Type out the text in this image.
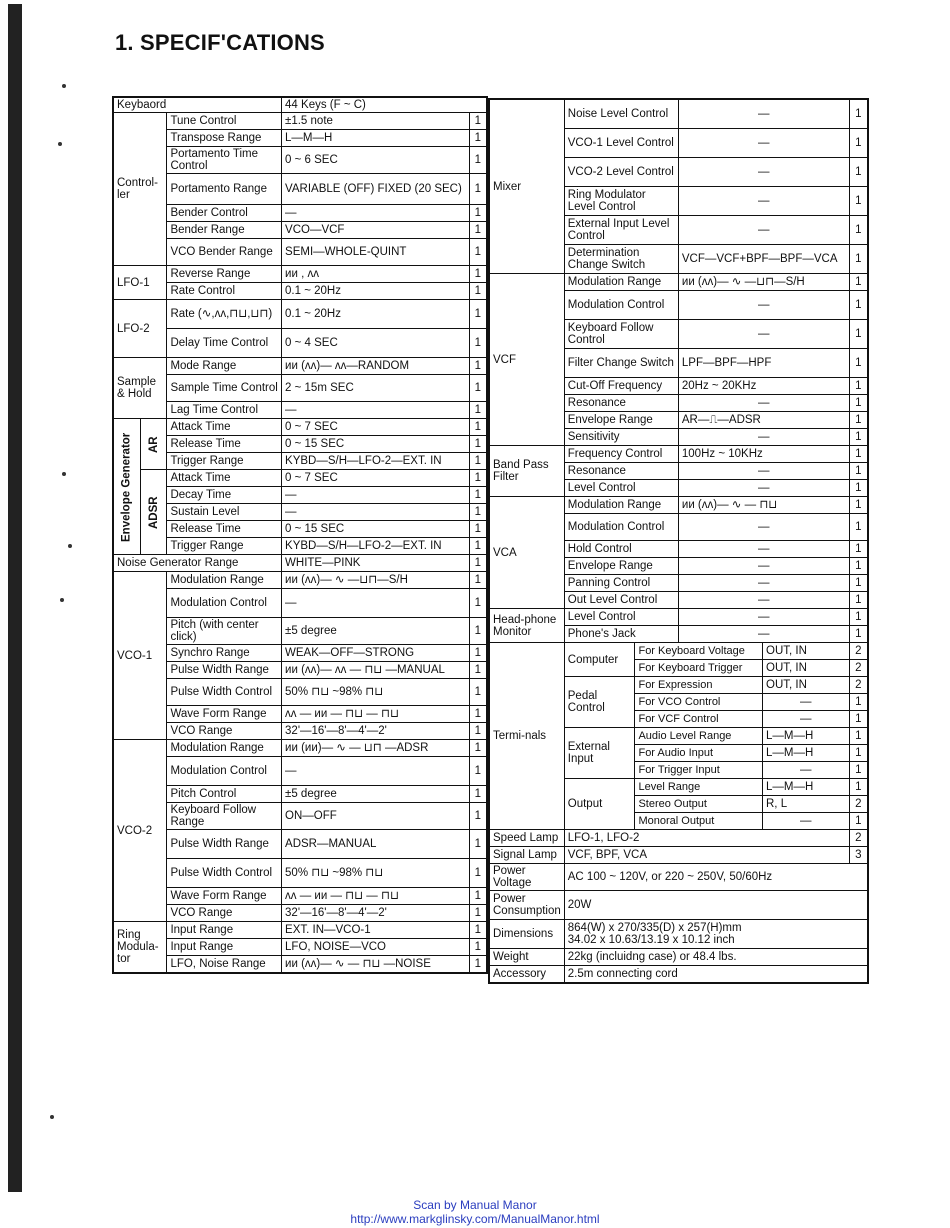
1. SPECIF'CATIONS
Keybaord			44 Keys (F ~ C)	
Control-ler		Tune Control	±1.5 note	1
		Transpose Range	L—M—H	1
		Portamento Time Control	0 ~ 6 SEC	1
		Portamento Range	VARIABLE (OFF) FIXED (20 SEC)	1
		Bender Control	—	1
		Bender Range	VCO—VCF	1
		VCO Bender Range	SEMI—WHOLE-QUINT	1
LFO-1		Reverse Range	ᴎᴎ , ᴧᴧ	1
		Rate Control	0.1 ~ 20Hz	1
LFO-2		Rate (∿,ᴧᴧ,⊓⊔,⊔⊓)	0.1 ~ 20Hz	1
		Delay Time Control	0 ~ 4 SEC	1
Sample & Hold		Mode Range	ᴎᴎ (ᴧᴧ)— ᴧᴧ—RANDOM	1
		Sample Time Control	2 ~ 15m SEC	1
		Lag Time Control	—	1
Envelope Generator	AR	Attack Time	0 ~ 7 SEC	1
		Release Time	0 ~ 15 SEC	1
		Trigger Range	KYBD—S/H—LFO-2—EXT. IN	1
	ADSR	Attack Time	0 ~ 7 SEC	1
		Decay Time	—	1
		Sustain Level	—	1
		Release Time	0 ~ 15 SEC	1
		Trigger Range	KYBD—S/H—LFO-2—EXT. IN	1
Noise Generator Range			WHITE—PINK	1
VCO-1		Modulation Range	ᴎᴎ (ᴧᴧ)— ∿ —⊔⊓—S/H	1
		Modulation Control	—	1
		Pitch (with center click)	±5 degree	1
		Synchro Range	WEAK—OFF—STRONG	1
		Pulse Width Range	ᴎᴎ (ᴧᴧ)— ᴧᴧ — ⊓⊔ —MANUAL	1
		Pulse Width Control	50% ⊓⊔ ~98% ⊓⊔	1
		Wave Form Range	ᴧᴧ — ᴎᴎ — ⊓⊔ — ⊓⊔	1
		VCO Range	32'—16'—8'—4'—2'	1
VCO-2		Modulation Range	ᴎᴎ (ᴎᴎ)— ∿ — ⊔⊓ —ADSR	1
		Modulation Control	—	1
		Pitch Control	±5 degree	1
		Keyboard Follow Range	ON—OFF	1
		Pulse Width Range	ADSR—MANUAL	1
		Pulse Width Control	50% ⊓⊔ ~98% ⊓⊔	1
		Wave Form Range	ᴧᴧ — ᴎᴎ — ⊓⊔ — ⊓⊔	1
		VCO Range	32'—16'—8'—4'—2'	1
Ring Modula-tor		Input Range	EXT. IN—VCO-1	1
		Input Range	LFO, NOISE—VCO	1
		LFO, Noise Range	ᴎᴎ (ᴧᴧ)— ∿ — ⊓⊔ —NOISE	1
Mixer	Noise Level Control		—		1
	VCO-1 Level Control		—		1
	VCO-2 Level Control		—		1
	Ring Modulator Level Control		—		1
	External Input Level Control		—		1
	Determination Change Switch		VCF—VCF+BPF—BPF—VCA		1
VCF	Modulation Range		ᴎᴎ (ᴧᴧ)— ∿ —⊔⊓—S/H		1
	Modulation Control		—		1
	Keyboard Follow Control		—		1
	Filter Change Switch		LPF—BPF—HPF		1
	Cut-Off Frequency		20Hz ~ 20KHz		1
	Resonance		—		1
	Envelope Range		AR—⎍—ADSR		1
	Sensitivity		—		1
Band Pass Filter	Frequency Control		100Hz ~ 10KHz		1
	Resonance		—		1
	Level Control		—		1
VCA	Modulation Range		ᴎᴎ (ᴧᴧ)— ∿ — ⊓⊔		1
	Modulation Control		—		1
	Hold Control		—		1
	Envelope Range		—		1
	Panning Control		—		1
	Out Level Control		—		1
Head-phone Monitor	Level Control		—		1
	Phone's Jack		—		1
Termi-nals	Computer	For Keyboard Voltage		OUT, IN	2
		For Keyboard Trigger		OUT, IN	2
	Pedal Control	For Expression		OUT, IN	2
		For VCO Control		—	1
		For VCF Control		—	1
	External Input	Audio Level Range		L—M—H	1
		For Audio Input		L—M—H	1
		For Trigger Input		—	1
	Output	Level Range		L—M—H	1
		Stereo Output		R, L	2
		Monoral Output		—	1
Speed Lamp	LFO-1, LFO-2				2
Signal Lamp	VCF, BPF, VCA				3
Power Voltage	AC 100 ~ 120V, or 220 ~ 250V, 50/60Hz				

Power Consumption	20W				

Dimensions	864(W) x 270/335(D) x 257(H)mm
34.02 x 10.63/13.19 x 10.12 inch				

Weight	22kg (incluidng case) or 48.4 lbs.				

Accessory	2.5m connecting cord				
Scan by Manual Manor
http://www.markglinsky.com/ManualManor.html
